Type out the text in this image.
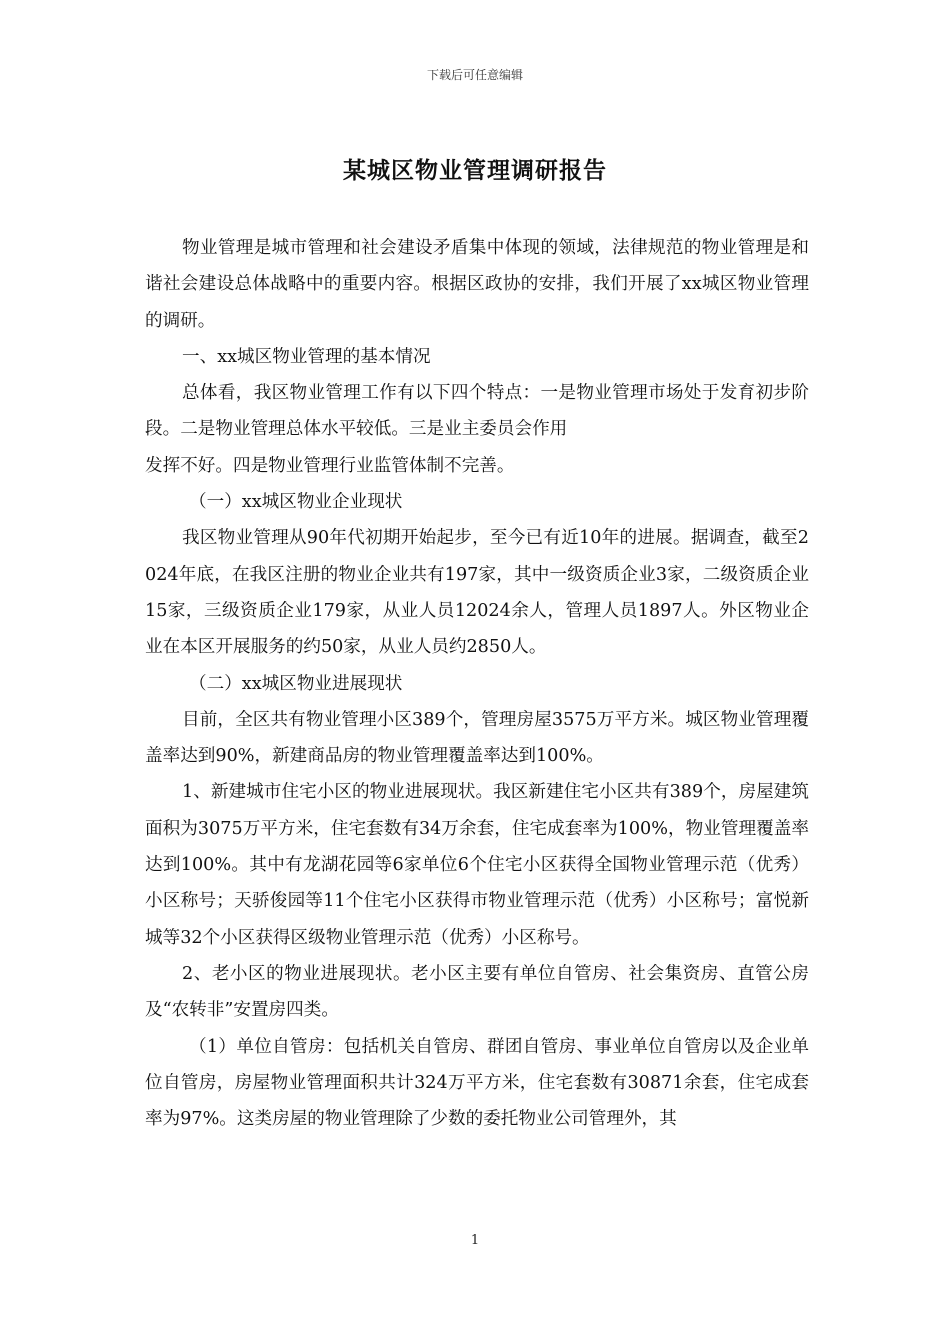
下载后可任意编辑
某城区物业管理调研报告

物业管理是城市管理和社会建设矛盾集中体现的领域，法律规范的物业管理是和谐社会建设总体战略中的重要内容。根据区政协的安排，我们开展了xx城区物业管理的调研。

一、xx城区物业管理的基本情况

总体看，我区物业管理工作有以下四个特点：一是物业管理市场处于发育初步阶段。二是物业管理总体水平较低。三是业主委员会作用

发挥不好。四是物业管理行业监管体制不完善。

（一）xx城区物业企业现状

我区物业管理从90年代初期开始起步，至今已有近10年的进展。据调查，截至2024年底，在我区注册的物业企业共有197家，其中一级资质企业3家，二级资质企业15家，三级资质企业179家，从业人员12024余人，管理人员1897人。外区物业企业在本区开展服务的约50家，从业人员约2850人。

（二）xx城区物业进展现状

目前，全区共有物业管理小区389个，管理房屋3575万平方米。城区物业管理覆盖率达到90%，新建商品房的物业管理覆盖率达到100%。

1、新建城市住宅小区的物业进展现状。我区新建住宅小区共有389个，房屋建筑面积为3075万平方米，住宅套数有34万余套，住宅成套率为100%，物业管理覆盖率达到100%。其中有龙湖花园等6家单位6个住宅小区获得全国物业管理示范（优秀）小区称号；天骄俊园等11个住宅小区获得市物业管理示范（优秀）小区称号；富悦新城等32个小区获得区级物业管理示范（优秀）小区称号。

2、老小区的物业进展现状。老小区主要有单位自管房、社会集资房、直管公房及“农转非”安置房四类。

（1）单位自管房：包括机关自管房、群团自管房、事业单位自管房以及企业单位自管房，房屋物业管理面积共计324万平方米，住宅套数有30871余套，住宅成套率为97%。这类房屋的物业管理除了少数的委托物业公司管理外，其

1
